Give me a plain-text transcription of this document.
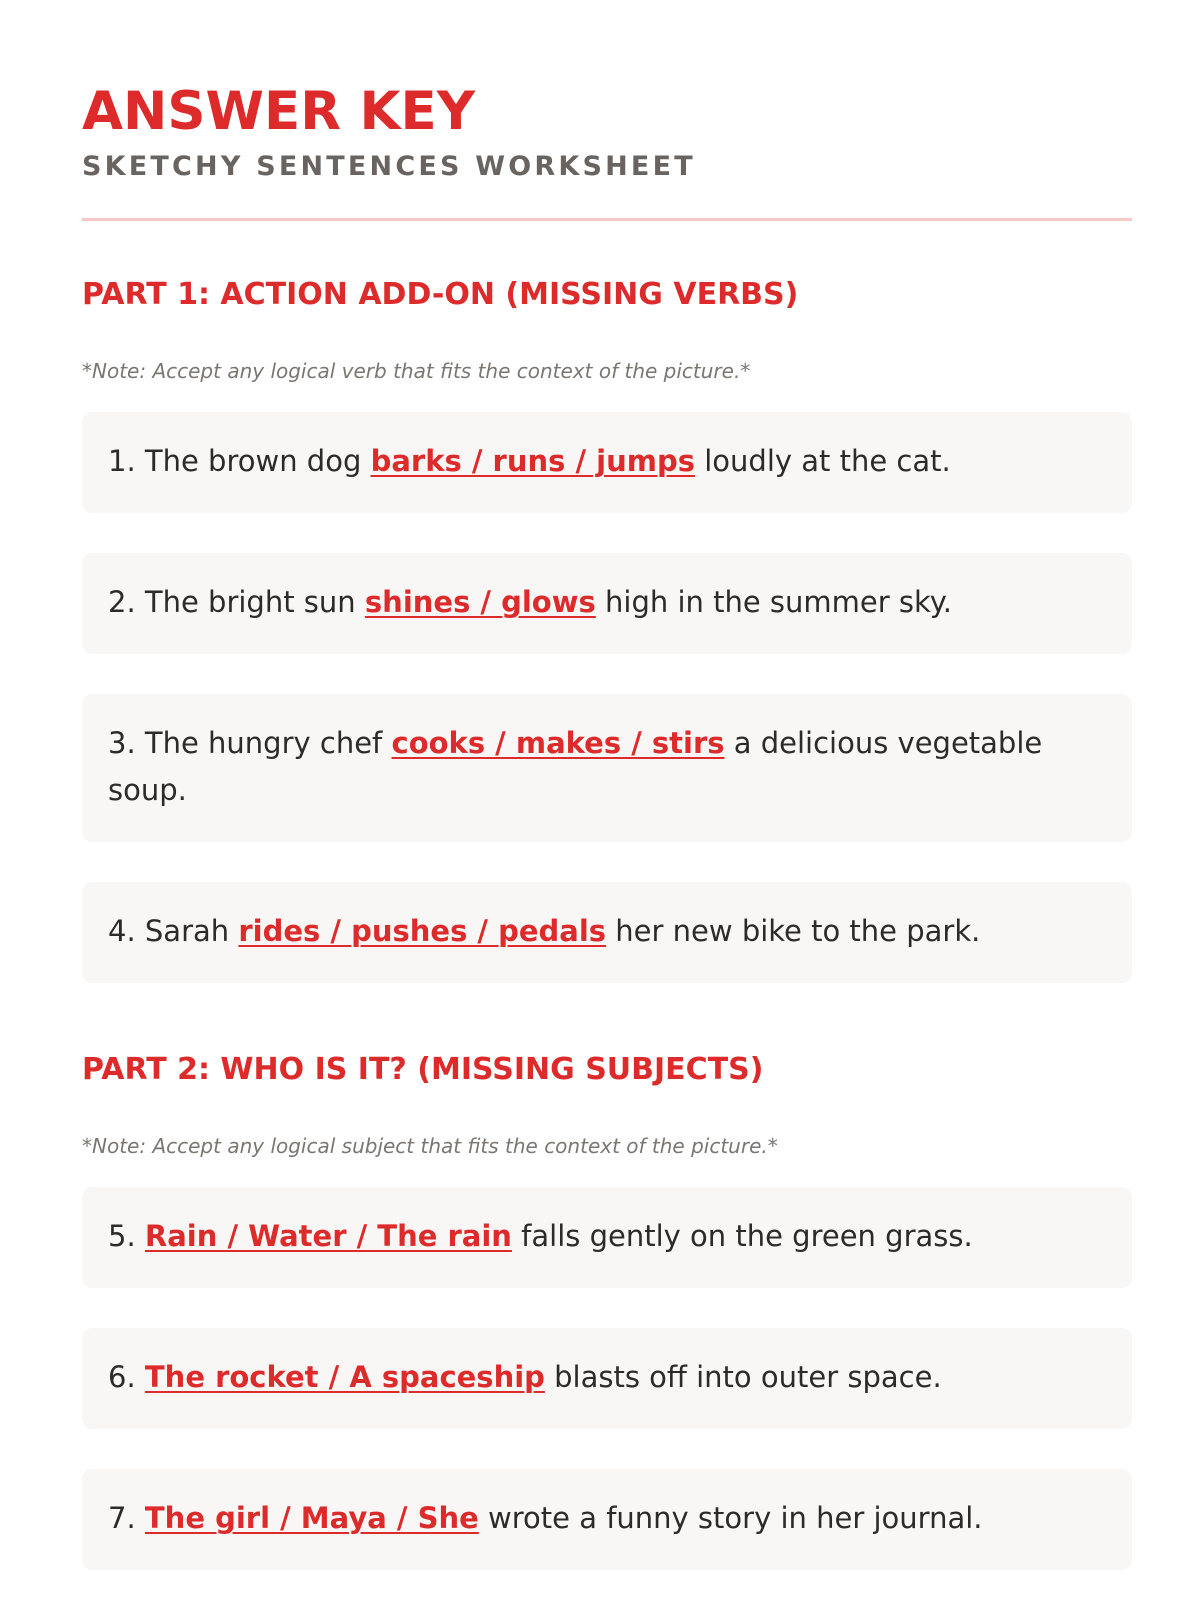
ANSWER KEY
SKETCHY SENTENCES WORKSHEET
PART 1: ACTION ADD-ON (MISSING VERBS)
*Note: Accept any logical verb that fits the context of the picture.*
1. The brown dog barks / runs / jumps loudly at the cat.
2. The bright sun shines / glows high in the summer sky.
3. The hungry chef cooks / makes / stirs a delicious vegetable soup.
4. Sarah rides / pushes / pedals her new bike to the park.
PART 2: WHO IS IT? (MISSING SUBJECTS)
*Note: Accept any logical subject that fits the context of the picture.*
5. Rain / Water / The rain falls gently on the green grass.
6. The rocket / A spaceship blasts off into outer space.
7. The girl / Maya / She wrote a funny story in her journal.
